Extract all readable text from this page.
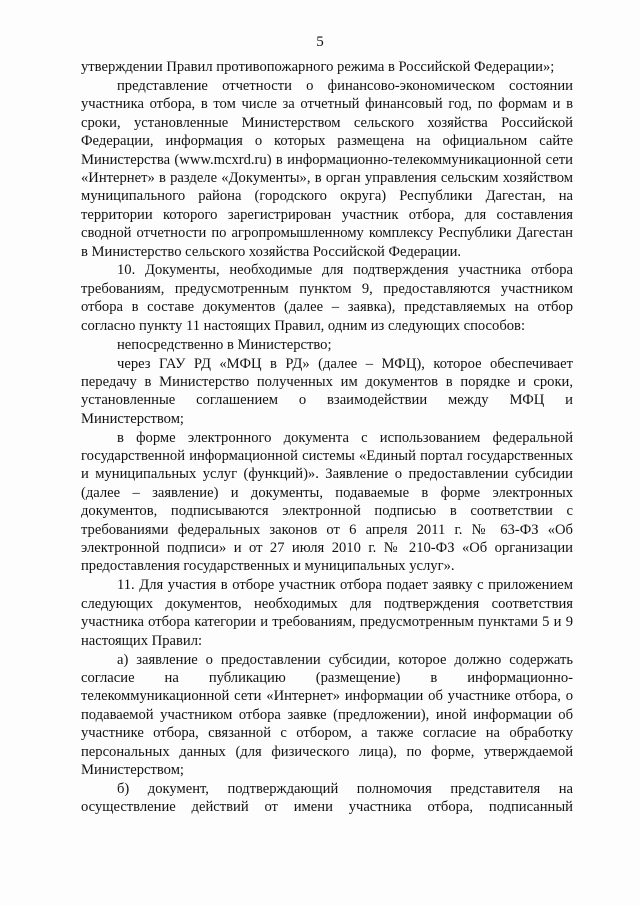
5

утверждении Правил противопожарного режима в Российской Федерации»;

представление отчетности о финансово-экономическом состоянии участника отбора, в том числе за отчетный финансовый год, по формам и в сроки, установленные Министерством сельского хозяйства Российской Федерации, информация о которых размещена на официальном сайте Министерства (www.mcxrd.ru) в информационно-телекоммуникационной сети «Интернет» в разделе «Документы», в орган управления сельским хозяйством муниципального района (городского округа) Республики Дагестан, на территории которого зарегистрирован участник отбора, для составления сводной отчетности по агропромышленному комплексу Республики Дагестан в Министерство сельского хозяйства Российской Федерации.

10. Документы, необходимые для подтверждения участника отбора требованиям, предусмотренным пунктом 9, предоставляются участником отбора в составе документов (далее – заявка), представляемых на отбор согласно пункту 11 настоящих Правил, одним из следующих способов:

непосредственно в Министерство;

через ГАУ РД «МФЦ в РД» (далее – МФЦ), которое обеспечивает передачу в Министерство полученных им документов в порядке и сроки, установленные соглашением о взаимодействии между МФЦ и Министерством;

в форме электронного документа с использованием федеральной государственной информационной системы «Единый портал государственных и муниципальных услуг (функций)». Заявление о предоставлении субсидии (далее – заявление) и документы, подаваемые в форме электронных документов, подписываются электронной подписью в соответствии с требованиями федеральных законов от 6 апреля 2011 г. № 63-ФЗ «Об электронной подписи» и от 27 июля 2010 г. № 210-ФЗ «Об организации предоставления государственных и муниципальных услуг».

11. Для участия в отборе участник отбора подает заявку с приложением следующих документов, необходимых для подтверждения соответствия участника отбора категории и требованиям, предусмотренным пунктами 5 и 9 настоящих Правил:

а) заявление о предоставлении субсидии, которое должно содержать согласие на публикацию (размещение) в информационно-телекоммуникационной сети «Интернет» информации об участнике отбора, о подаваемой участником отбора заявке (предложении), иной информации об участнике отбора, связанной с отбором, а также согласие на обработку персональных данных (для физического лица), по форме, утверждаемой Министерством;

б) документ, подтверждающий полномочия представителя на осуществление действий от имени участника отбора, подписанный
